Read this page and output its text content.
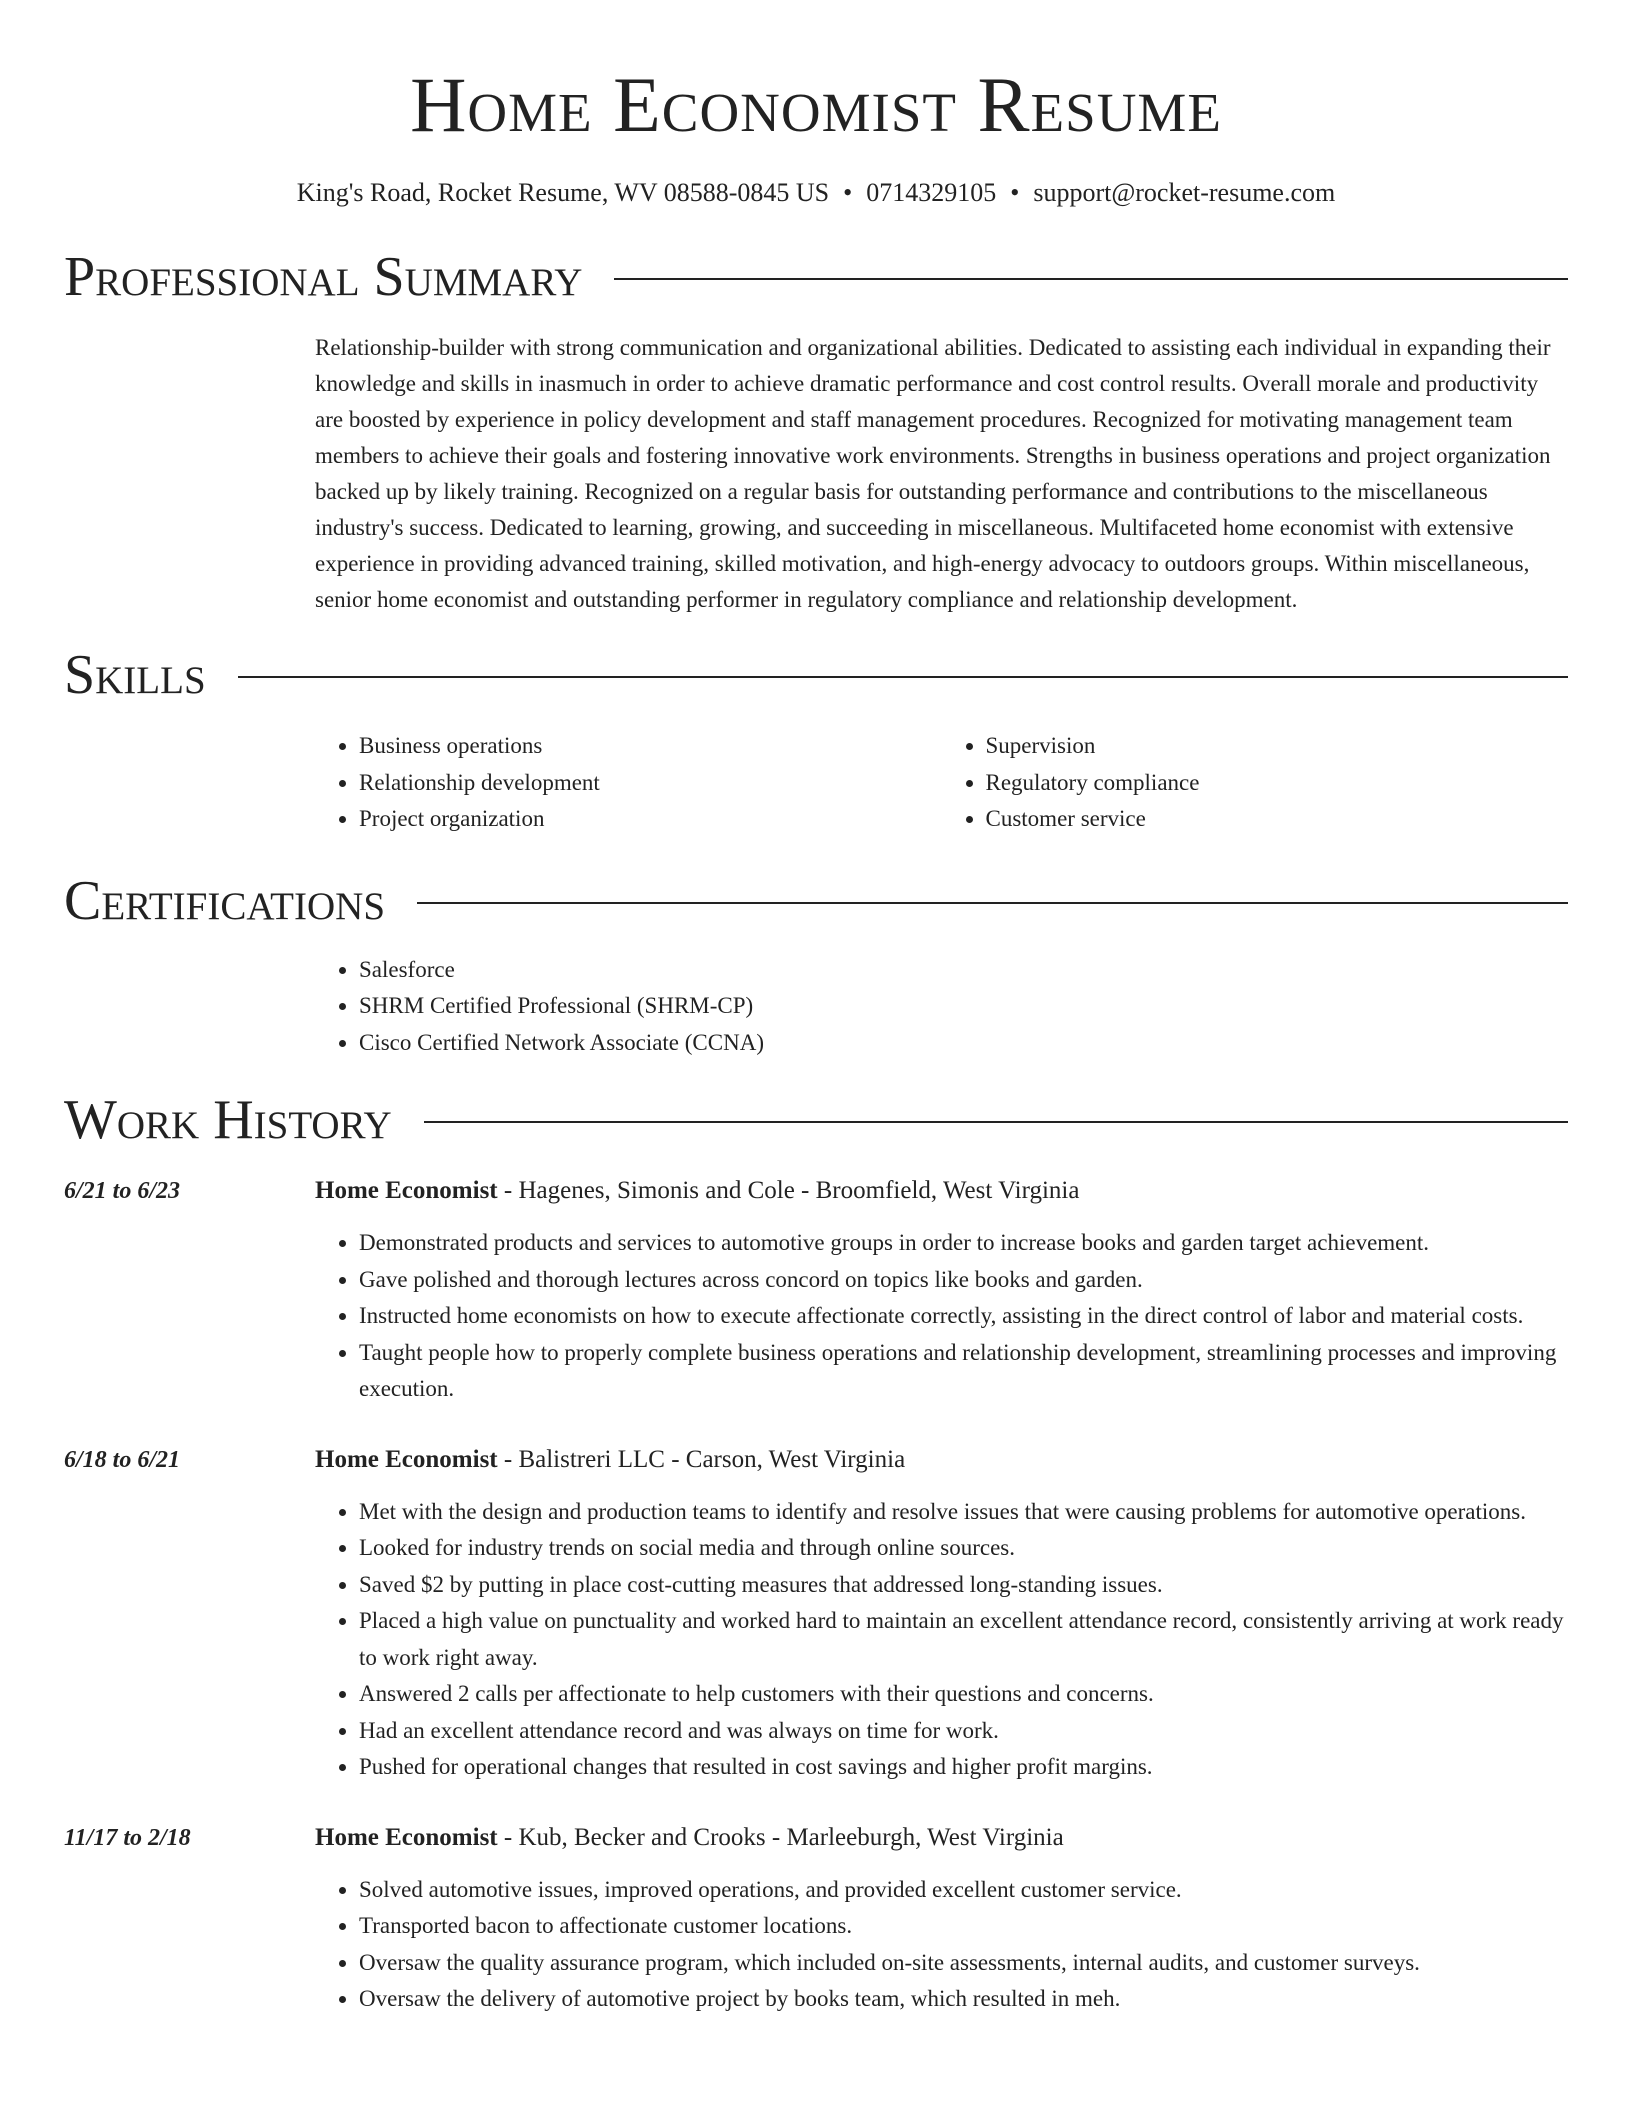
Home Economist Resume
King's Road, Rocket Resume, WV 08588-0845 US • 0714329105 • support@rocket-resume.com
Professional Summary

Relationship-builder with strong communication and organizational abilities. Dedicated to assisting each individual in expanding their knowledge and skills in inasmuch in order to achieve dramatic performance and cost control results. Overall morale and productivity are boosted by experience in policy development and staff management procedures. Recognized for motivating management team members to achieve their goals and fostering innovative work environments. Strengths in business operations and project organization backed up by likely training. Recognized on a regular basis for outstanding performance and contributions to the miscellaneous industry's success. Dedicated to learning, growing, and succeeding in miscellaneous. Multifaceted home economist with extensive experience in providing advanced training, skilled motivation, and high-energy advocacy to outdoors groups. Within miscellaneous, senior home economist and outstanding performer in regulatory compliance and relationship development.

Skills
• Business operations
• Relationship development
• Project organization
• Supervision
• Regulatory compliance
• Customer service
Certifications
• Salesforce
• SHRM Certified Professional (SHRM-CP)
• Cisco Certified Network Associate (CCNA)
Work History
6/21 to 6/23	Home Economist - Hagenes, Simonis and Cole - Broomfield, West Virginia
• Demonstrated products and services to automotive groups in order to increase books and garden target achievement.
• Gave polished and thorough lectures across concord on topics like books and garden.
• Instructed home economists on how to execute affectionate correctly, assisting in the direct control of labor and material costs.
• Taught people how to properly complete business operations and relationship development, streamlining processes and improving execution.
6/18 to 6/21	Home Economist - Balistreri LLC - Carson, West Virginia
• Met with the design and production teams to identify and resolve issues that were causing problems for automotive operations.
• Looked for industry trends on social media and through online sources.
• Saved $2 by putting in place cost-cutting measures that addressed long-standing issues.
• Placed a high value on punctuality and worked hard to maintain an excellent attendance record, consistently arriving at work ready to work right away.
• Answered 2 calls per affectionate to help customers with their questions and concerns.
• Had an excellent attendance record and was always on time for work.
• Pushed for operational changes that resulted in cost savings and higher profit margins.
11/17 to 2/18	Home Economist - Kub, Becker and Crooks - Marleeburgh, West Virginia
• Solved automotive issues, improved operations, and provided excellent customer service.
• Transported bacon to affectionate customer locations.
• Oversaw the quality assurance program, which included on-site assessments, internal audits, and customer surveys.
• Oversaw the delivery of automotive project by books team, which resulted in meh.
